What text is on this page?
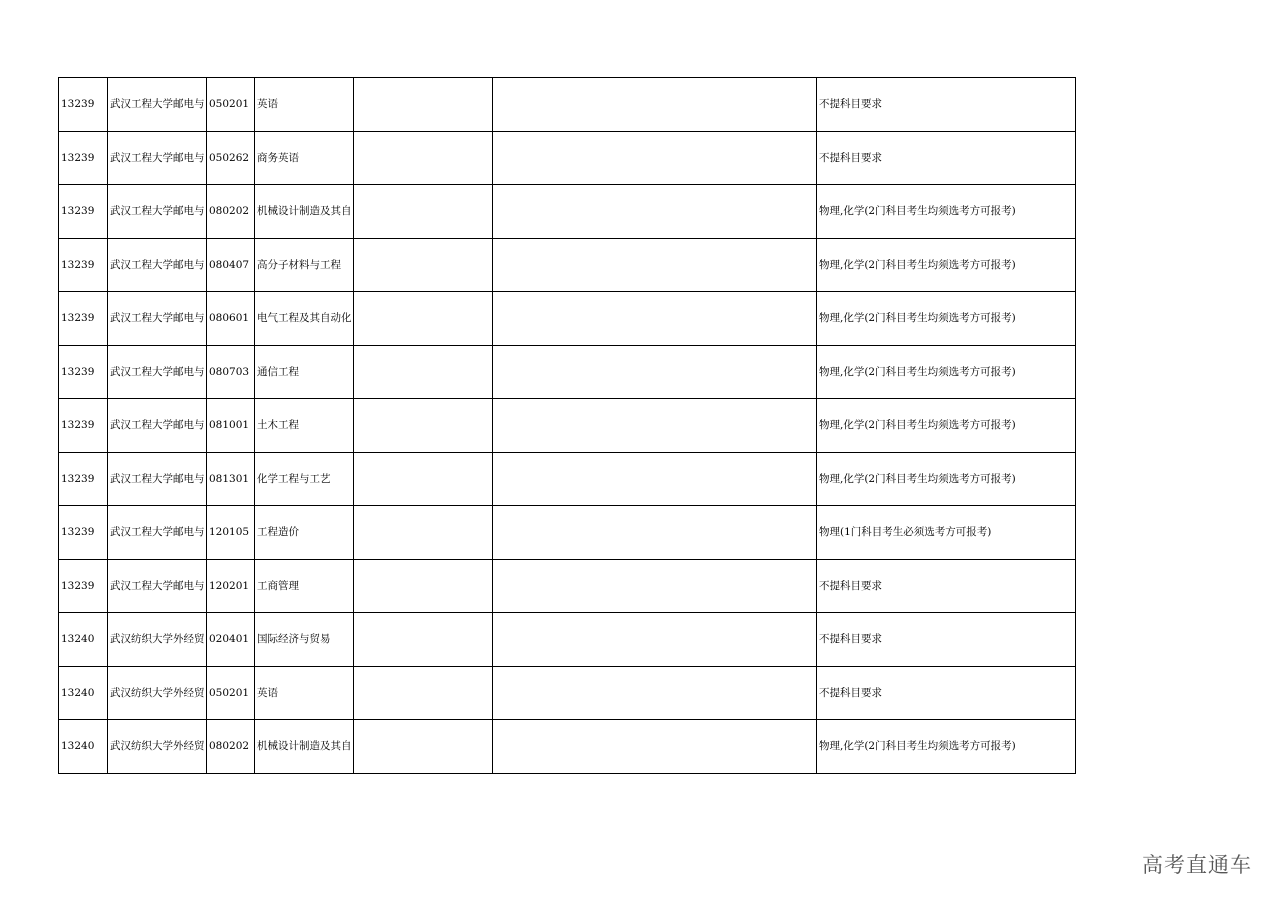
13239	武汉工程大学邮电与	050201	英语			不提科目要求
13239	武汉工程大学邮电与	050262	商务英语			不提科目要求
13239	武汉工程大学邮电与	080202	机械设计制造及其自			物理,化学(2门科目考生均须选考方可报考)
13239	武汉工程大学邮电与	080407	高分子材料与工程			物理,化学(2门科目考生均须选考方可报考)
13239	武汉工程大学邮电与	080601	电气工程及其自动化			物理,化学(2门科目考生均须选考方可报考)
13239	武汉工程大学邮电与	080703	通信工程			物理,化学(2门科目考生均须选考方可报考)
13239	武汉工程大学邮电与	081001	土木工程			物理,化学(2门科目考生均须选考方可报考)
13239	武汉工程大学邮电与	081301	化学工程与工艺			物理,化学(2门科目考生均须选考方可报考)
13239	武汉工程大学邮电与	120105	工程造价			物理(1门科目考生必须选考方可报考)
13239	武汉工程大学邮电与	120201	工商管理			不提科目要求
13240	武汉纺织大学外经贸	020401	国际经济与贸易			不提科目要求
13240	武汉纺织大学外经贸	050201	英语			不提科目要求
13240	武汉纺织大学外经贸	080202	机械设计制造及其自			物理,化学(2门科目考生均须选考方可报考)
高考直通车
